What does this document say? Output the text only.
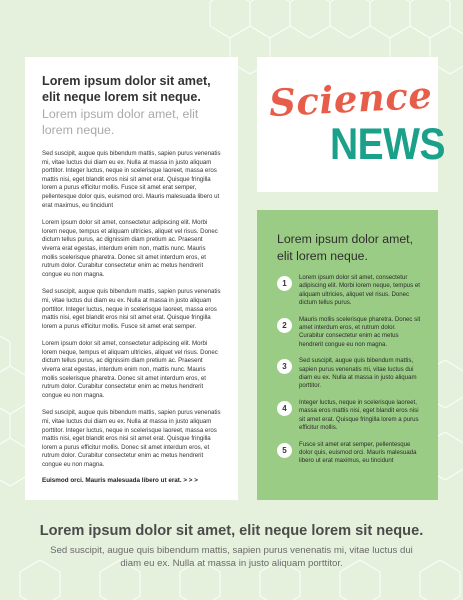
Lorem ipsum dolor sit amet, elit neque lorem sit neque.
Lorem ipsum dolor amet, elit lorem neque.

Sed suscipit, augue quis bibendum mattis, sapien purus venenatis mi, vitae luctus dui diam eu ex. Nulla at massa in justo aliquam porttitor. Integer luctus, neque in scelerisque laoreet, massa eros mattis nisi, eget blandit eros nisi sit amet erat. Quisque fringilla lorem a purus efficitur mollis. Fusce sit amet erat semper, pellentesque dolor quis, euismod orci. Mauris malesuada libero ut erat maximus, eu tincidunt

Lorem ipsum dolor sit amet, consectetur adipiscing elit. Morbi lorem neque, tempus et aliquam ultricies, aliquet vel risus. Donec dictum tellus purus, ac dignissim diam pretium ac. Praesent viverra erat egestas, interdum enim non, mattis nunc. Mauris mollis scelerisque pharetra. Donec sit amet interdum eros, et rutrum dolor. Curabitur consectetur enim ac metus hendrerit congue eu non magna.

Sed suscipit, augue quis bibendum mattis, sapien purus venenatis mi, vitae luctus dui diam eu ex. Nulla at massa in justo aliquam porttitor. Integer luctus, neque in scelerisque laoreet, massa eros mattis nisi, eget blandit eros nisi sit amet erat. Quisque fringilla lorem a purus efficitur mollis. Fusce sit amet erat semper.

Lorem ipsum dolor sit amet, consectetur adipiscing elit. Morbi lorem neque, tempus et aliquam ultricies, aliquet vel risus. Donec dictum tellus purus, ac dignissim diam pretium ac. Praesent viverra erat egestas, interdum enim non, mattis nunc. Mauris mollis scelerisque pharetra. Donec sit amet interdum eros, et rutrum dolor. Curabitur consectetur enim ac metus hendrerit congue eu non magna.

Sed suscipit, augue quis bibendum mattis, sapien purus venenatis mi, vitae luctus dui diam eu ex. Nulla at massa in justo aliquam porttitor. Integer luctus, neque in scelerisque laoreet, massa eros mattis nisi, eget blandit eros nisi sit amet erat. Quisque fringilla lorem a purus efficitur mollis. Donec sit amet interdum eros, et rutrum dolor. Curabitur consectetur enim ac metus hendrerit congue eu non magna.

Euismod orci. Mauris malesuada libero ut erat. > > >

Science
NEWS
Lorem ipsum dolor amet, elit lorem neque.
1
Lorem ipsum dolor sit amet, consectetur adipiscing elit. Morbi lorem neque, tempus et aliquam ultricies, aliquet vel risus. Donec dictum tellus purus.
2
Mauris mollis scelerisque pharetra. Donec sit amet interdum eros, et rutrum dolor. Curabitur consectetur enim ac metus hendrerit congue eu non magna.
3
Sed suscipit, augue quis bibendum mattis, sapien purus venenatis mi, vitae luctus dui diam eu ex. Nulla at massa in justo aliquam porttitor.
4
Integer luctus, neque in scelerisque laoreet, massa eros mattis nisi, eget blandit eros nisi sit amet erat. Quisque fringilla lorem a purus efficitur mollis.
5
Fusce sit amet erat semper, pellentesque dolor quis, euismod orci. Mauris malesuada libero ut erat maximus, eu tincidunt
Lorem ipsum dolor sit amet, elit neque lorem sit neque.
Sed suscipit, augue quis bibendum mattis, sapien purus venenatis mi, vitae luctus dui diam eu ex. Nulla at massa in justo aliquam porttitor.
